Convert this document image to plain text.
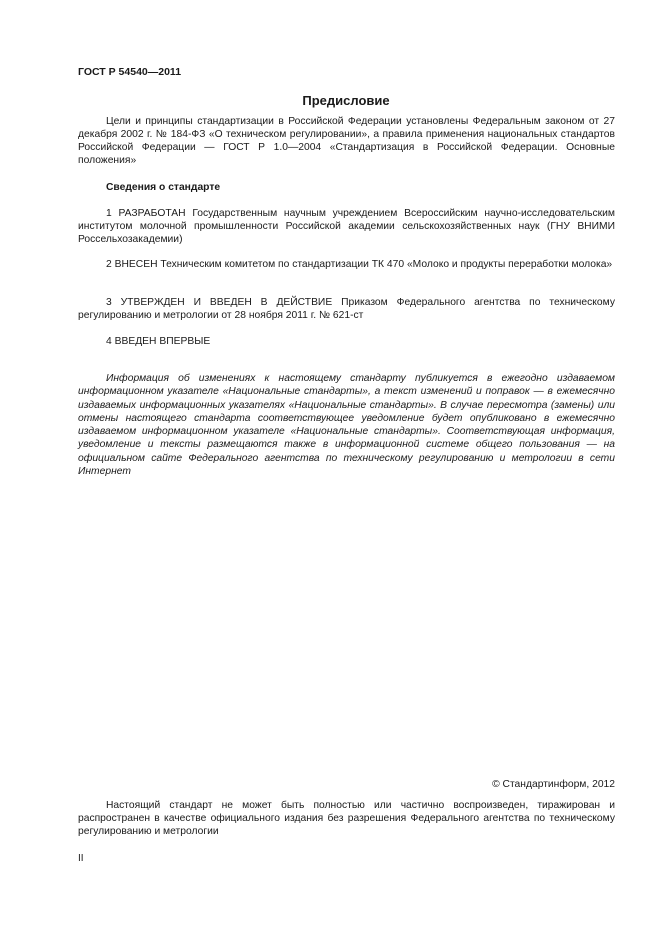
ГОСТ Р 54540—2011
Предисловие

Цели и принципы стандартизации в Российской Федерации установлены Федеральным законом от 27 декабря 2002 г. № 184-ФЗ «О техническом регулировании», а правила применения национальных стандартов Российской Федерации — ГОСТ Р 1.0—2004 «Стандартизация в Российской Федерации. Основные положения»

Сведения о стандарте

1 РАЗРАБОТАН Государственным научным учреждением Всероссийским научно-исследовательским институтом молочной промышленности Российской академии сельскохозяйственных наук (ГНУ ВНИМИ Россельхозакадемии)

2 ВНЕСЕН Техническим комитетом по стандартизации ТК 470 «Молоко и продукты переработки молока»

3 УТВЕРЖДЕН И ВВЕДЕН В ДЕЙСТВИЕ Приказом Федерального агентства по техническому регулированию и метрологии от 28 ноября 2011 г. № 621-ст

4 ВВЕДЕН ВПЕРВЫЕ

Информация об изменениях к настоящему стандарту публикуется в ежегодно издаваемом информационном указателе «Национальные стандарты», а текст изменений и поправок — в ежемесячно издаваемых информационных указателях «Национальные стандарты». В случае пересмотра (замены) или отмены настоящего стандарта соответствующее уведомление будет опубликовано в ежемесячно издаваемом информационном указателе «Национальные стандарты». Соответствующая информация, уведомление и тексты размещаются также в информационной системе общего пользования — на официальном сайте Федерального агентства по техническому регулированию и метрологии в сети Интернет

© Стандартинформ, 2012

Настоящий стандарт не может быть полностью или частично воспроизведен, тиражирован и распространен в качестве официального издания без разрешения Федерального агентства по техническому регулированию и метрологии

II
